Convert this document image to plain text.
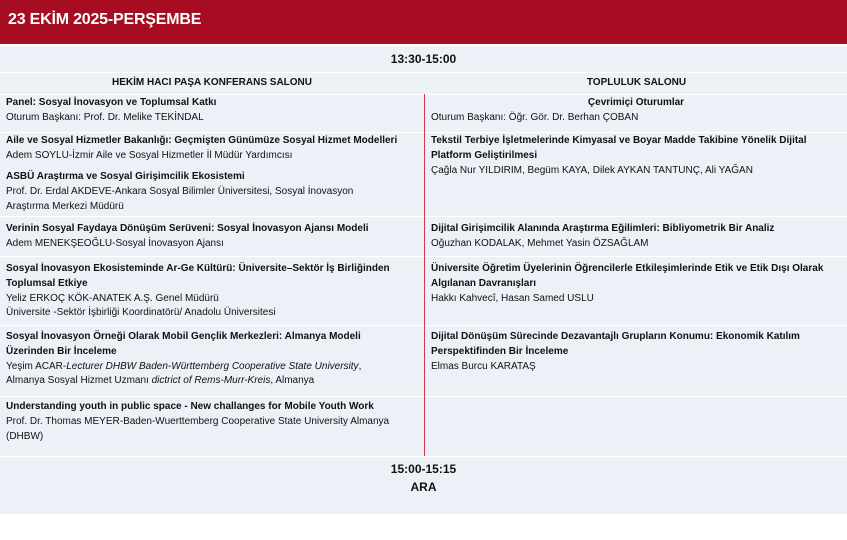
23 EKİM 2025-PERŞEMBE
13:30-15:00
HEKİM HACI PAŞA KONFERANS SALONU	TOPLULUK SALONU
Panel: Sosyal İnovasyon ve Toplumsal Katkı
Oturum Başkanı: Prof. Dr. Melike TEKİNDAL
Aile ve Sosyal Hizmetler Bakanlığı: Geçmişten Günümüze Sosyal Hizmet Modelleri
Adem SOYLU-İzmir Aile ve Sosyal Hizmetler İl Müdür Yardımcısı
ASBÜ Araştırma ve Sosyal Girişimcilik Ekosistemi
Prof. Dr. Erdal AKDEVE-Ankara Sosyal Bilimler Üniversitesi, Sosyal İnovasyon
Araştırma Merkezi Müdürü
Verinin Sosyal Faydaya Dönüşüm Serüveni: Sosyal İnovasyon Ajansı Modeli
Adem MENEKŞEOĞLU-Sosyal İnovasyon Ajansı
Sosyal İnovasyon Ekosisteminde Ar-Ge Kültürü: Üniversite–Sektör İş Birliğinden
Toplumsal Etkiye
Yeliz ERKOÇ KÖK-ANATEK A.Ş. Genel Müdürü
Üniversite -Sektör İşbirliği Koordinatörü/ Anadolu Üniversitesi
Sosyal İnovasyon Örneği Olarak Mobil Gençlik Merkezleri: Almanya Modeli
Üzerinden Bir İnceleme
Yeşim ACAR-Lecturer DHBW Baden-Württemberg Cooperative State University,
Almanya Sosyal Hizmet Uzmanı dictrict of Rems-Murr-Kreis, Almanya
Understanding youth in public space - New challanges for Mobile Youth Work
Prof. Dr. Thomas MEYER-Baden-Wuerttemberg Cooperative State University Almanya
(DHBW)
Çevrimiçi Oturumlar
Oturum Başkanı: Öğr. Gör. Dr. Berhan ÇOBAN
Tekstil Terbiye İşletmelerinde Kimyasal ve Boyar Madde Takibine Yönelik Dijital
Platform Geliştirilmesi
Çağla Nur YILDIRIM, Begüm KAYA, Dilek AYKAN TANTUNÇ, Ali YAĞAN
Dijital Girişimcilik Alanında Araştırma Eğilimleri: Bibliyometrik Bir Analiz
Oğuzhan KODALAK, Mehmet Yasin ÖZSAĞLAM
Üniversite Öğretim Üyelerinin Öğrencilerle Etkileşimlerinde Etik ve Etik Dışı Olarak
Algılanan Davranışları
Hakkı Kahvecî, Hasan Samed USLU
Dijital Dönüşüm Sürecinde Dezavantajlı Grupların Konumu: Ekonomik Katılım
Perspektifinden Bir İnceleme
Elmas Burcu KARATAŞ
15:00-15:15
ARA
